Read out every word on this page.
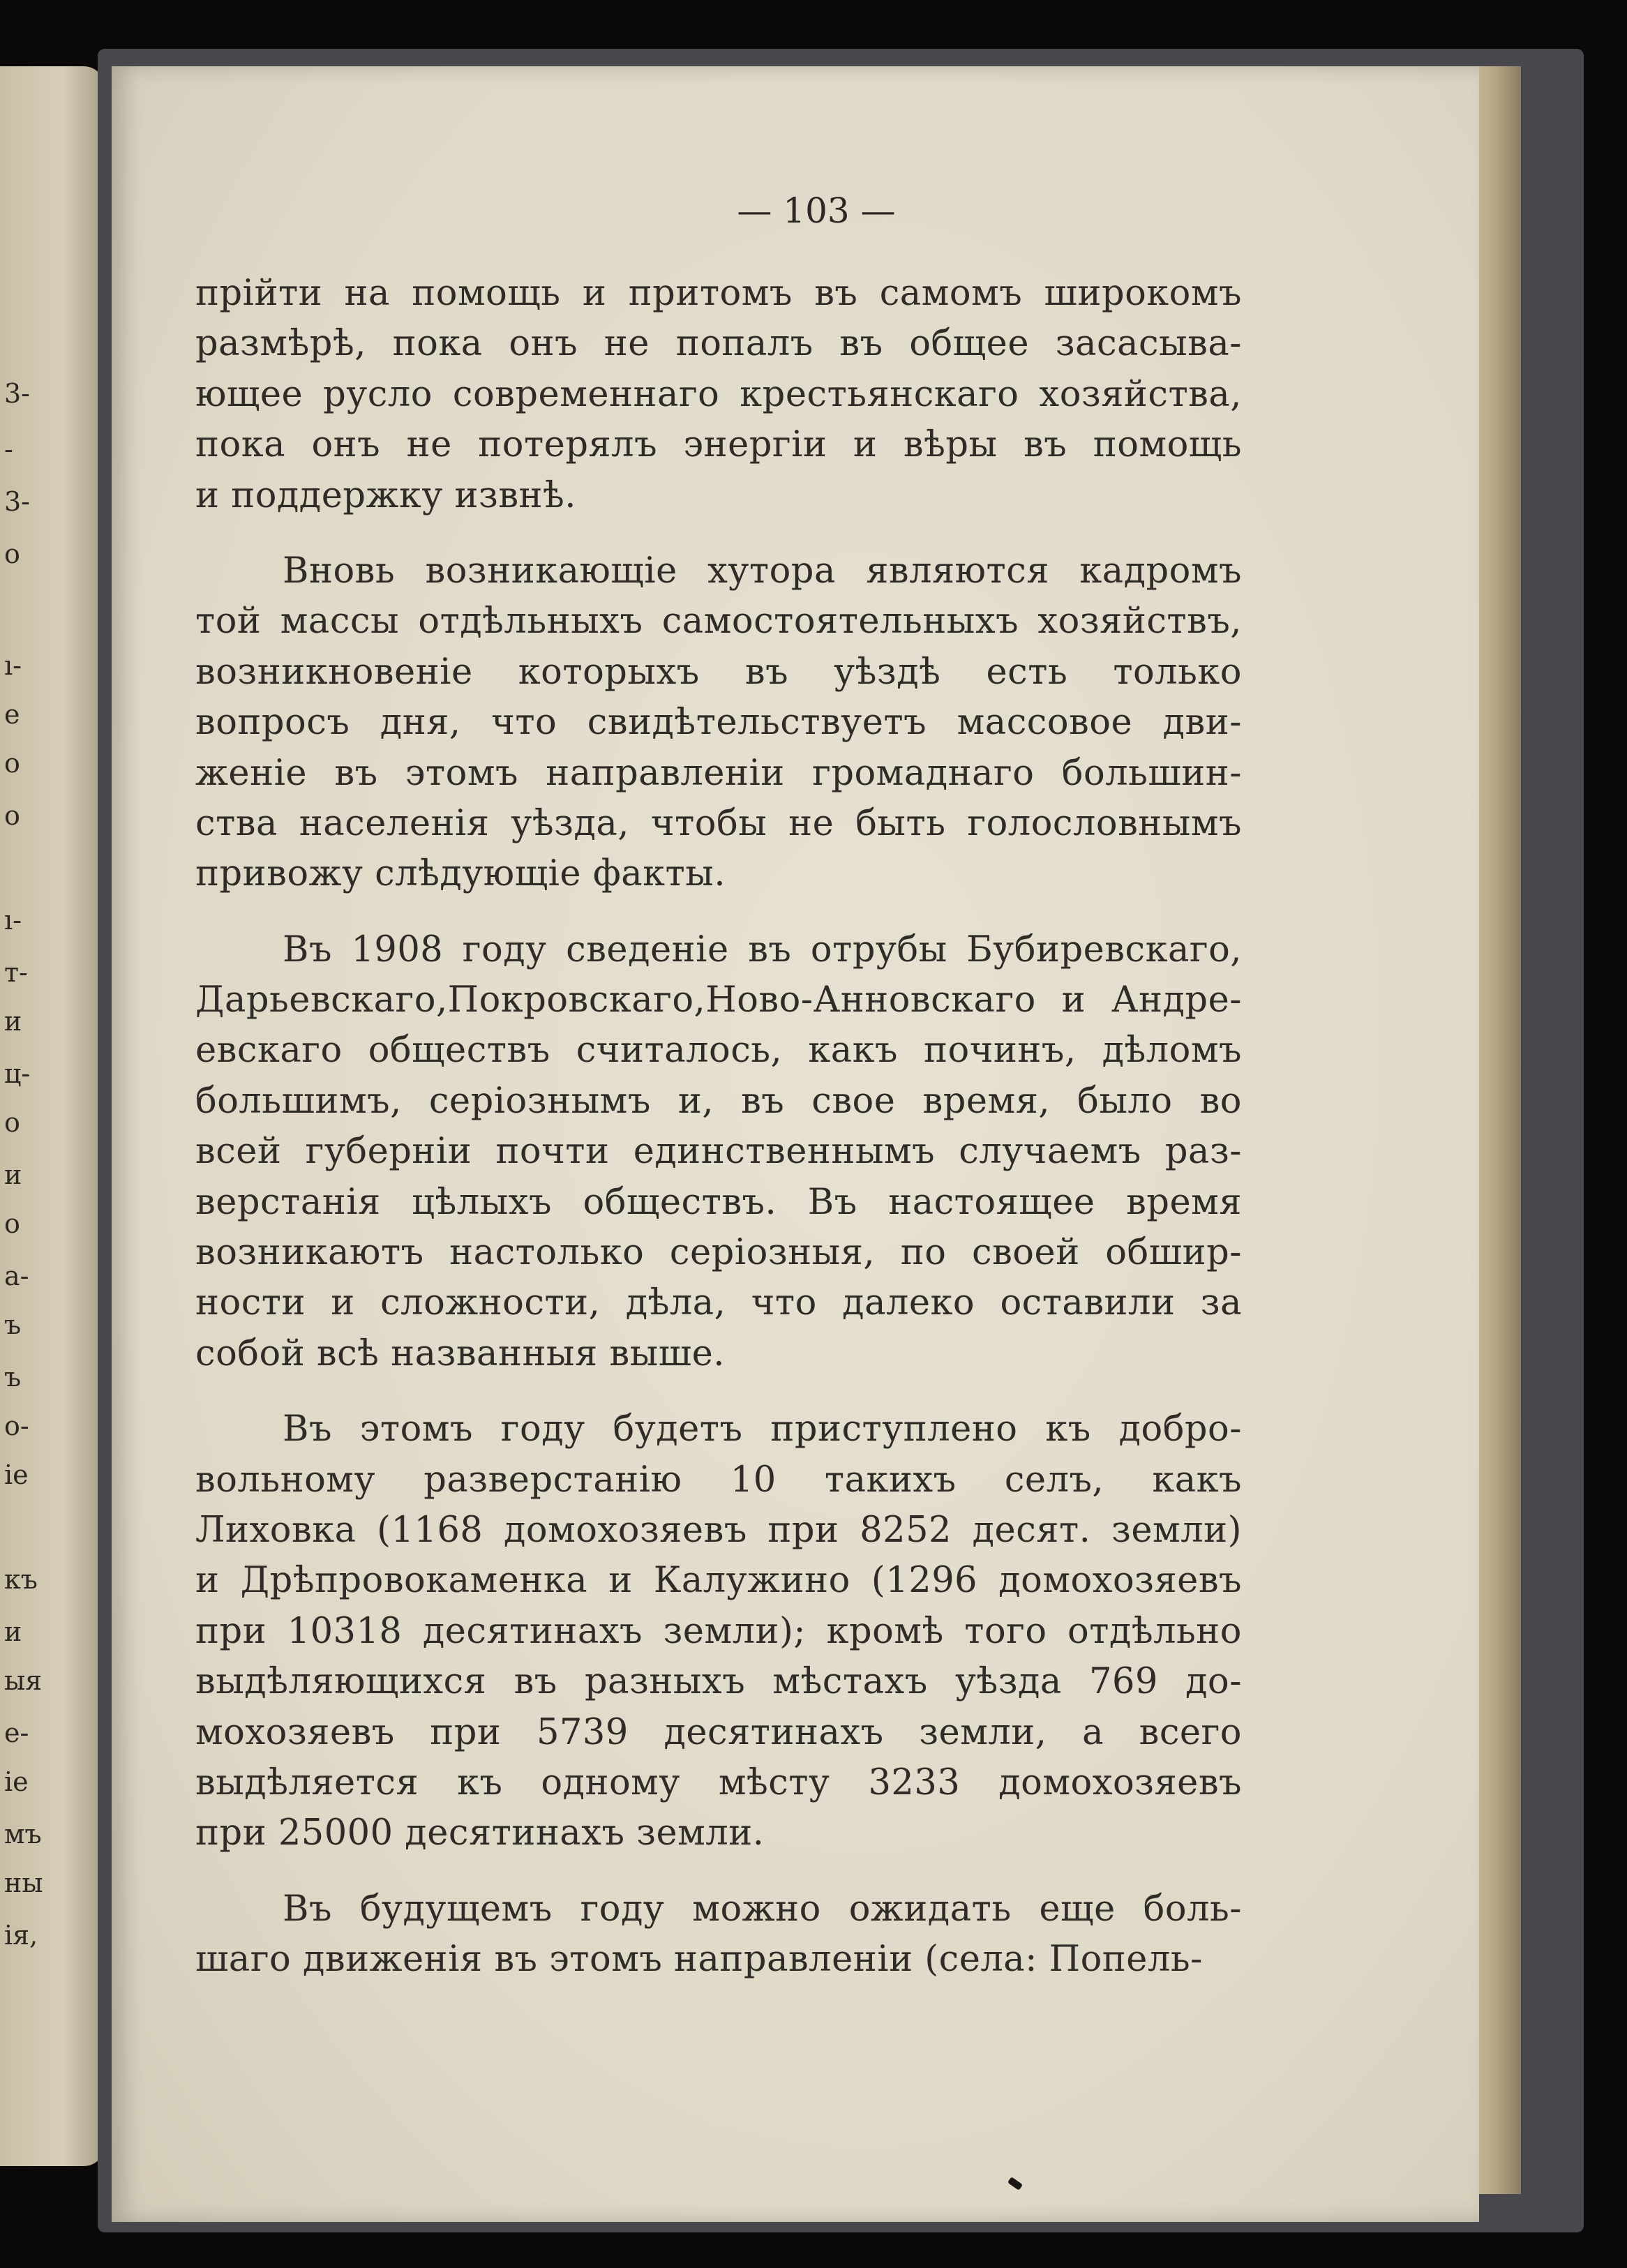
3-

-

3-

о

ı-

е

о

о

ı-

т-

и

ц-

о

и

о

а-

ъ

ъ

о-

іе

къ

и

ыя

е-

іе

мъ

ны

ія,

— 103 —

прійти на помощь и притомъ въ самомъ широкомъ

размѣрѣ, пока онъ не попалъ въ общее засасыва-

ющее русло современнаго крестьянскаго хозяйства,

пока онъ не потерялъ энергіи и вѣры въ помощь

и поддержку извнѣ.

Вновь возникающіе хутора являются кадромъ

той массы отдѣльныхъ самостоятельныхъ хозяйствъ,

возникновеніе которыхъ въ уѣздѣ есть только

вопросъ дня, что свидѣтельствуетъ массовое дви-

женіе въ этомъ направленіи громаднаго большин-

ства населенія уѣзда, чтобы не быть голословнымъ

привожу слѣдующіе факты.

Въ 1908 году сведеніе въ отрубы Бубиревскаго,

Дарьевскаго,Покровскаго,Ново-Анновскаго и Андре-

евскаго обществъ считалось, какъ починъ, дѣломъ

большимъ, серіознымъ и, въ свое время, было во

всей губерніи почти единственнымъ случаемъ раз-

верстанія цѣлыхъ обществъ. Въ настоящее время

возникаютъ настолько серіозныя, по своей обшир-

ности и сложности, дѣла, что далеко оставили за

собой всѣ названныя выше.

Въ этомъ году будетъ приступлено къ добро-

вольному разверстанію 10 такихъ селъ, какъ

Лиховка (1168 домохозяевъ при 8252 десят. земли)

и Дрѣпровокаменка и Калужино (1296 домохозяевъ

при 10318 десятинахъ земли); кромѣ того отдѣльно

выдѣляющихся въ разныхъ мѣстахъ уѣзда 769 до-

мохозяевъ при 5739 десятинахъ земли, а всего

выдѣляется къ одному мѣсту 3233 домохозяевъ

при 25000 десятинахъ земли.

Въ будущемъ году можно ожидать еще боль-

шаго движенія въ этомъ направленіи (села: Попель-
